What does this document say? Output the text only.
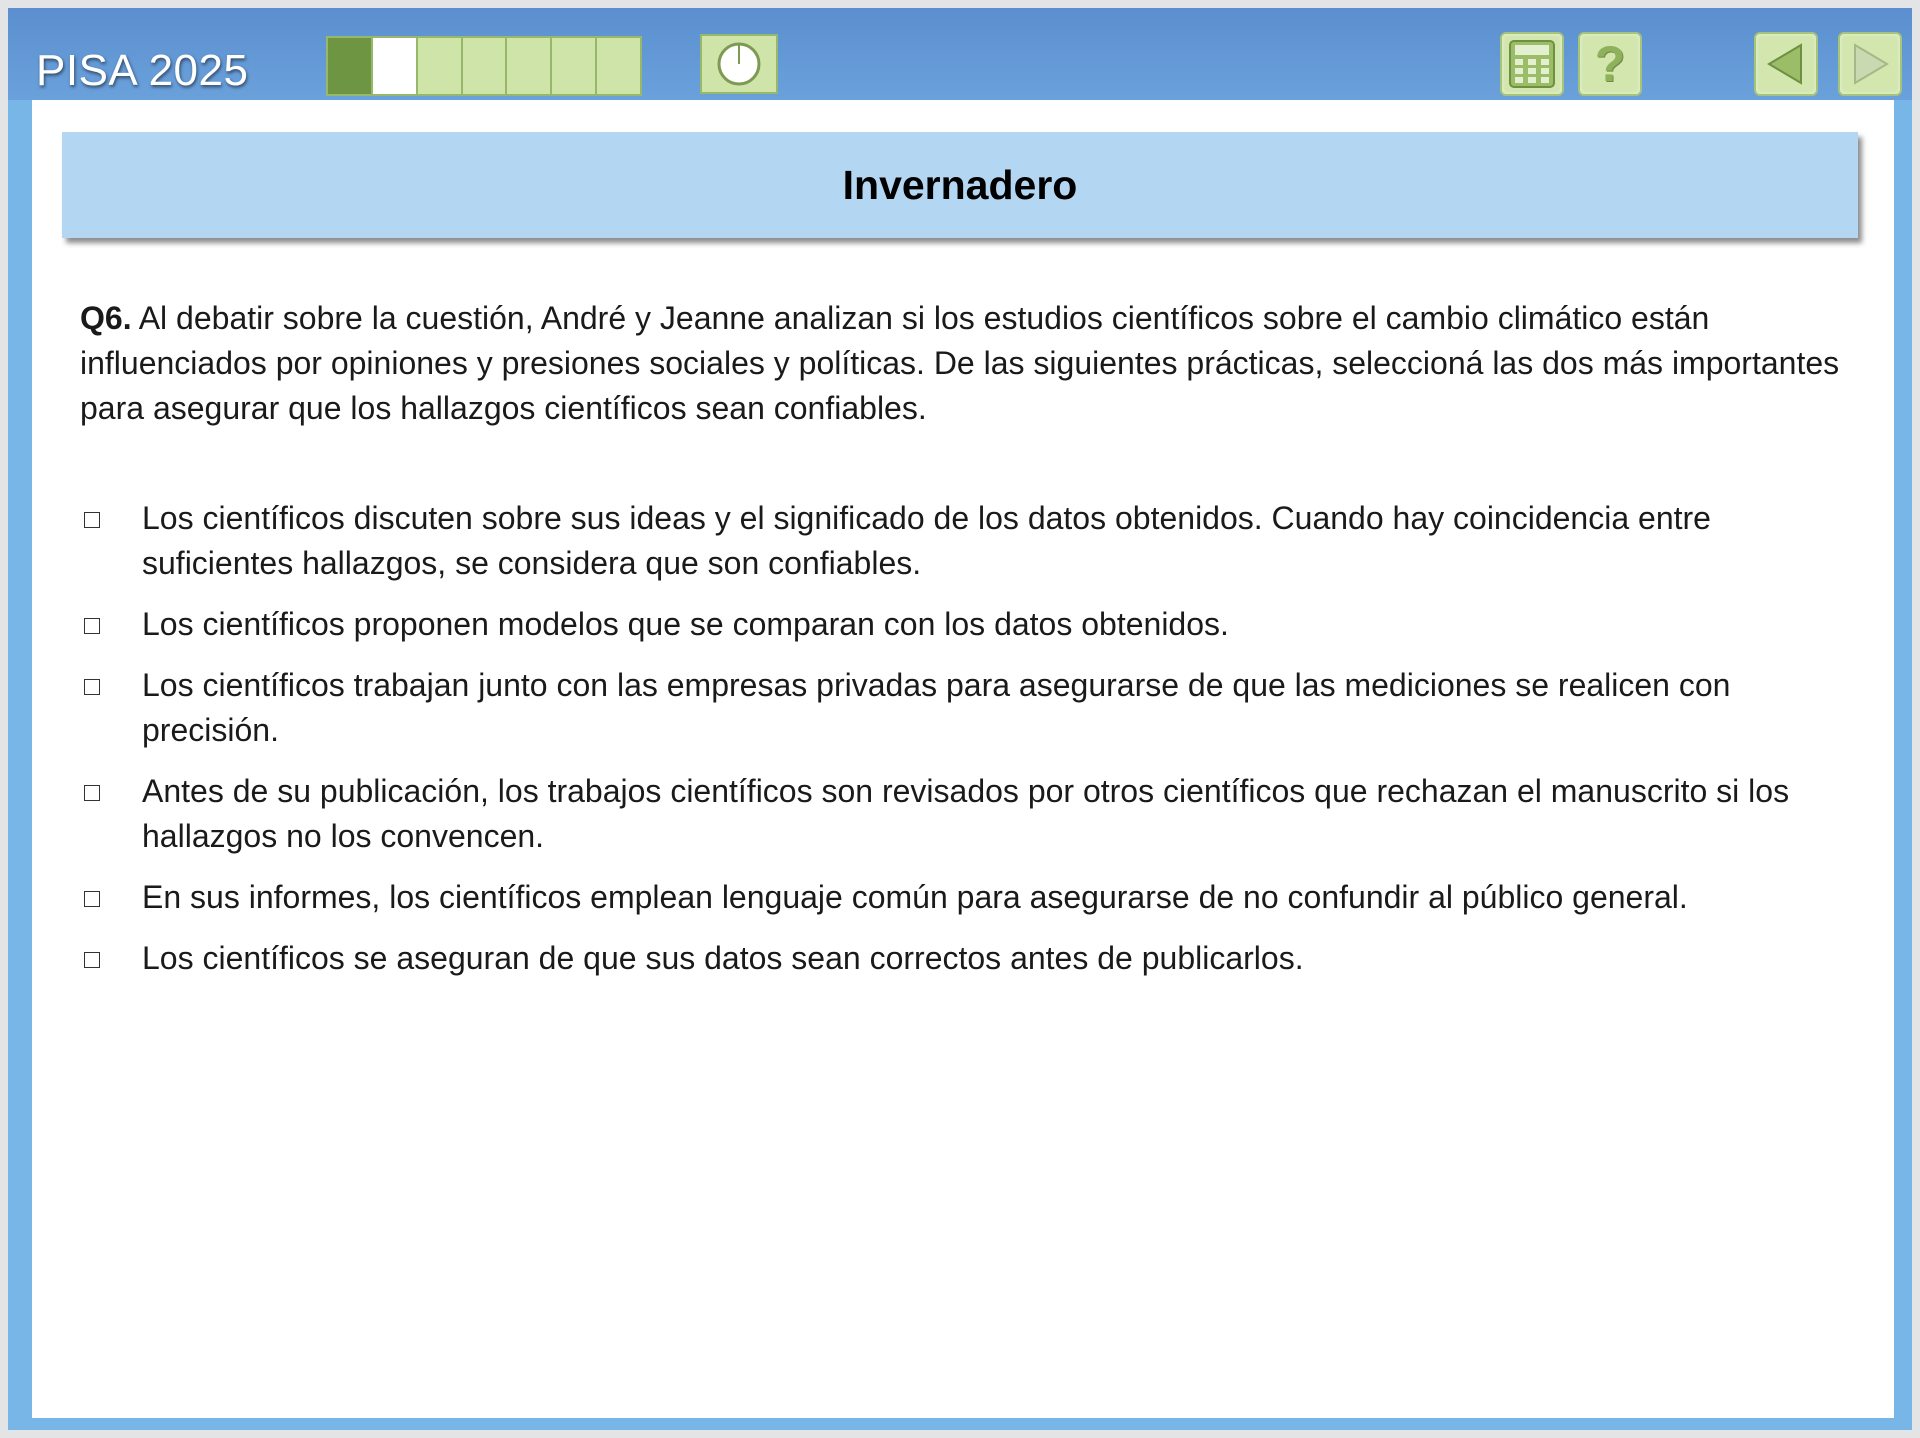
PISA 2025	?
Invernadero
Q6. Al debatir sobre la cuestión, André y Jeanne analizan si los estudios científicos sobre el cambio climático están influenciados por opiniones y presiones sociales y políticas. De las siguientes prácticas, seleccioná las dos más importantes para asegurar que los hallazgos científicos sean confiables.
Los científicos discuten sobre sus ideas y el significado de los datos obtenidos. Cuando hay coincidencia entre suficientes hallazgos, se considera que son confiables.
Los científicos proponen modelos que se comparan con los datos obtenidos.
Los científicos trabajan junto con las empresas privadas para asegurarse de que las mediciones se realicen con precisión.
Antes de su publicación, los trabajos científicos son revisados por otros científicos que rechazan el manuscrito si los hallazgos no los convencen.
En sus informes, los científicos emplean lenguaje común para asegurarse de no confundir al público general.
Los científicos se aseguran de que sus datos sean correctos antes de publicarlos.
